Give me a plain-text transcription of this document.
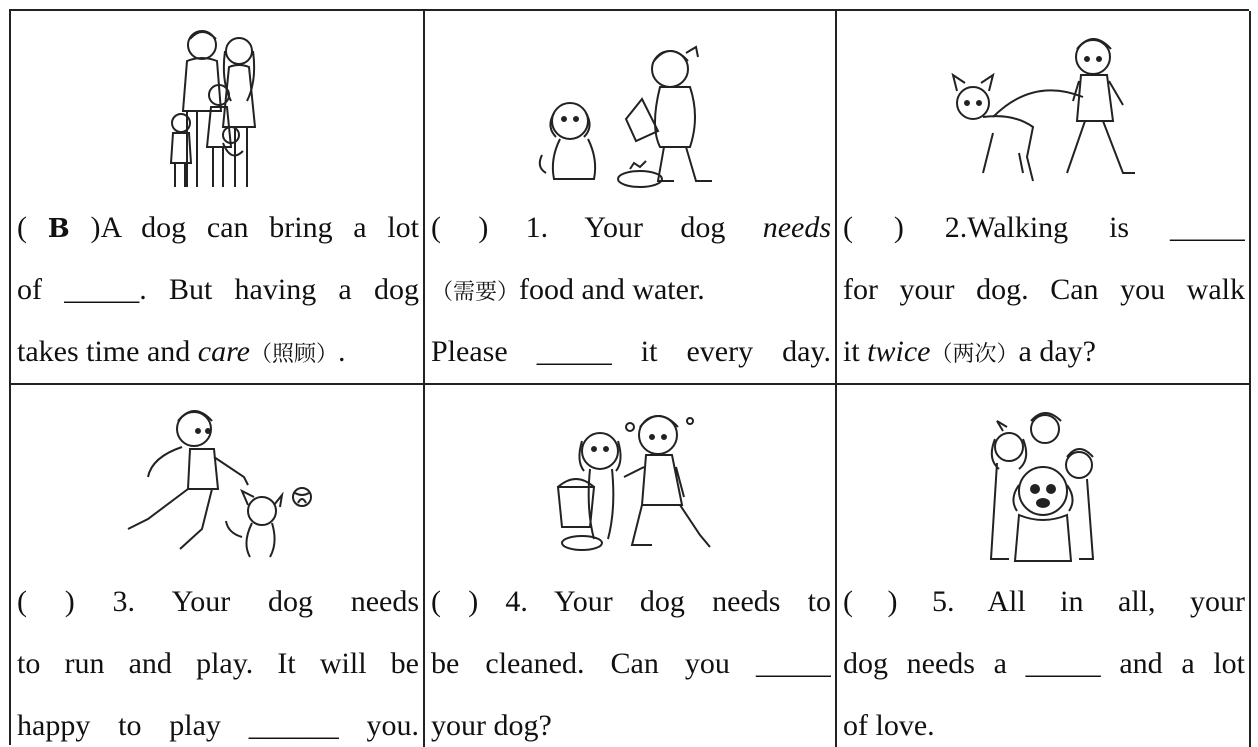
( B )A dog can bring a lot
of _____. But having a dog
takes time and care（照顾）.
( ) 1. Your dog needs
（需要）food and water.
Please _____ it every day.
( ) 2.Walking is _____
for your dog. Can you walk
it twice（两次）a day?
( ) 3. Your dog needs
to run and play. It will be
happy to play ______ you.
( ) 4. Your dog needs to
be cleaned. Can you _____
your dog?
( ) 5. All in all, your
dog needs a _____ and a lot
of love.
